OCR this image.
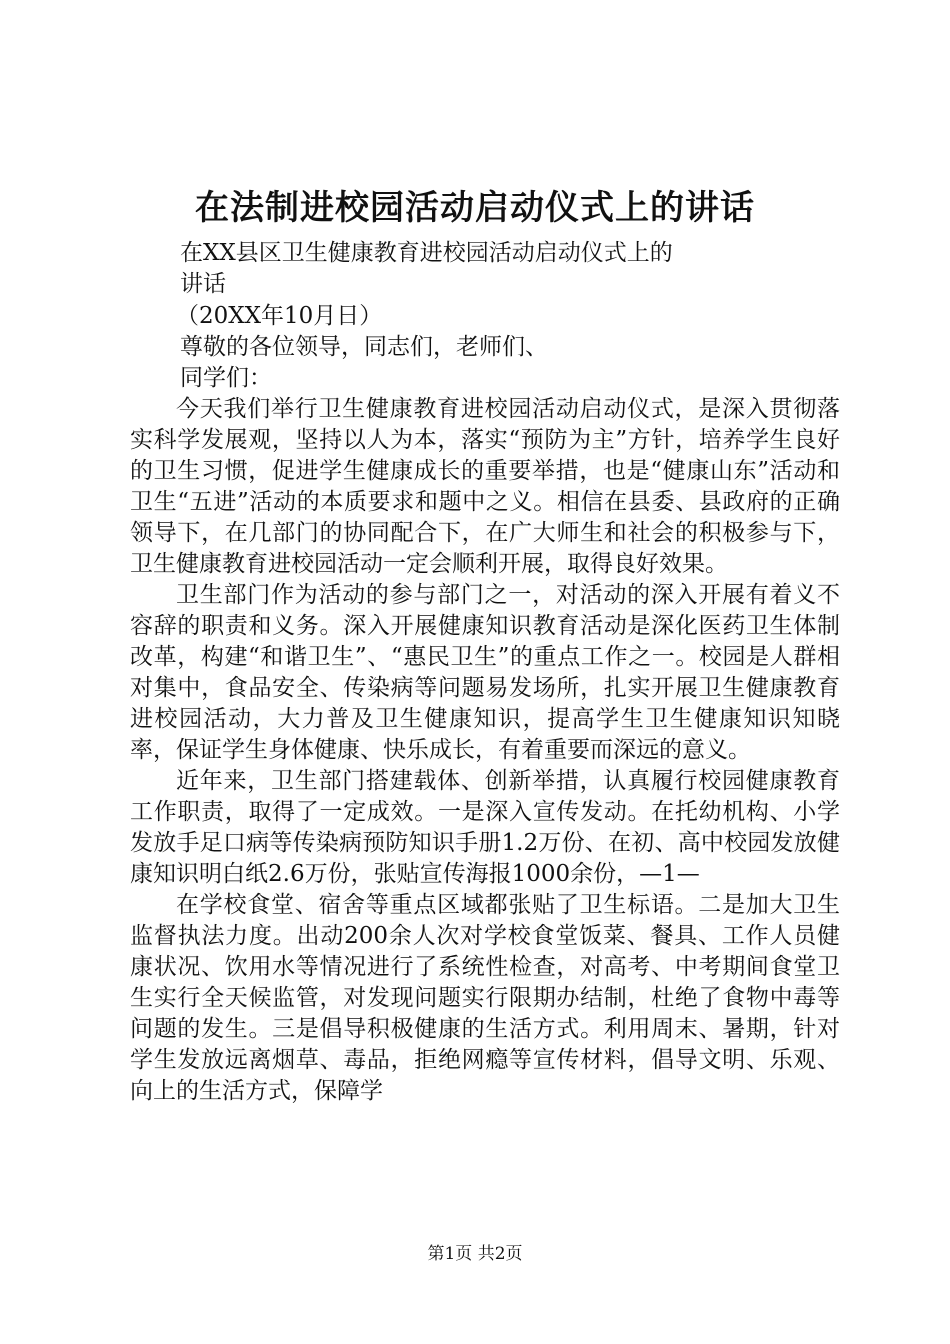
在法制进校园活动启动仪式上的讲话

在XX县区卫生健康教育进校园活动启动仪式上的
讲话

（20XX年10月日）

尊敬的各位领导，同志们，老师们、

同学们：

今天我们举行卫生健康教育进校园活动启动仪式，是深入贯彻落实科学发展观，坚持以人为本，落实“预防为主”方针，培养学生良好的卫生习惯，促进学生健康成长的重要举措，也是“健康山东”活动和卫生“五进”活动的本质要求和题中之义。相信在县委、县政府的正确领导下，在几部门的协同配合下，在广大师生和社会的积极参与下，卫生健康教育进校园活动一定会顺利开展，取得良好效果。

卫生部门作为活动的参与部门之一，对活动的深入开展有着义不容辞的职责和义务。深入开展健康知识教育活动是深化医药卫生体制改革，构建“和谐卫生”、“惠民卫生”的重点工作之一。校园是人群相对集中，食品安全、传染病等问题易发场所，扎实开展卫生健康教育进校园活动，大力普及卫生健康知识，提高学生卫生健康知识知晓率，保证学生身体健康、快乐成长，有着重要而深远的意义。

近年来，卫生部门搭建载体、创新举措，认真履行校园健康教育工作职责，取得了一定成效。一是深入宣传发动。在托幼机构、小学发放手足口病等传染病预防知识手册1.2万份、在初、高中校园发放健康知识明白纸2.6万份，张贴宣传海报1000余份，—1—

在学校食堂、宿舍等重点区域都张贴了卫生标语。二是加大卫生监督执法力度。出动200余人次对学校食堂饭菜、餐具、工作人员健康状况、饮用水等情况进行了系统性检查，对高考、中考期间食堂卫生实行全天候监管，对发现问题实行限期办结制，杜绝了食物中毒等问题的发生。三是倡导积极健康的生活方式。利用周末、暑期，针对学生发放远离烟草、毒品，拒绝网瘾等宣传材料，倡导文明、乐观、向上的生活方式，保障学

第1页 共2页
